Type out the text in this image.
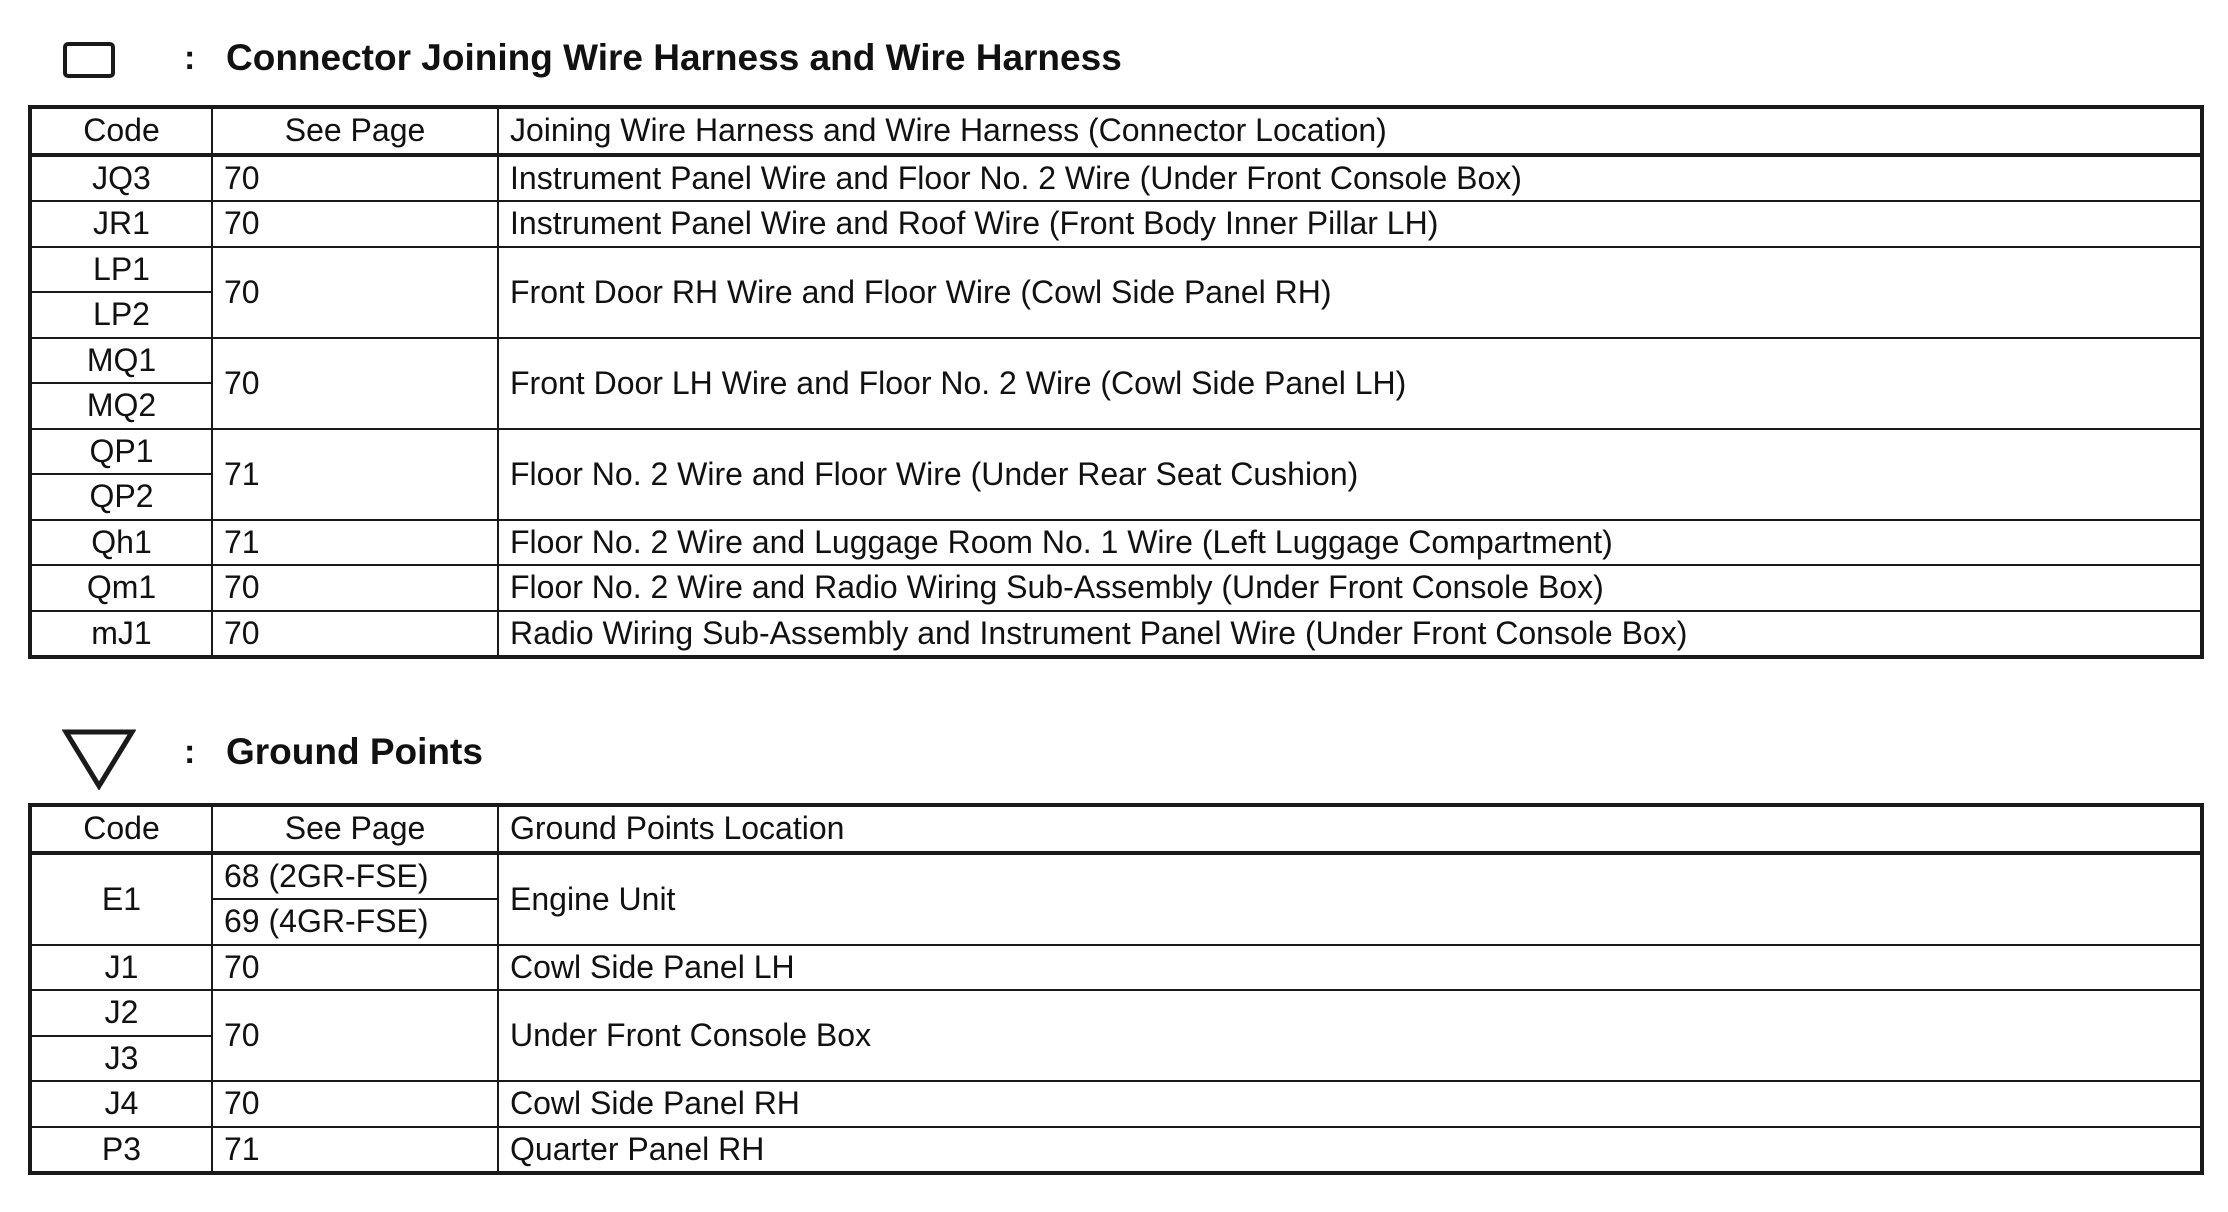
: Connector Joining Wire Harness and Wire Harness
Code	See Page	Joining Wire Harness and Wire Harness (Connector Location)
JQ3	70	Instrument Panel Wire and Floor No. 2 Wire (Under Front Console Box)
JR1	70	Instrument Panel Wire and Roof Wire (Front Body Inner Pillar LH)
LP1	70	Front Door RH Wire and Floor Wire (Cowl Side Panel RH)
LP2		
MQ1	70	Front Door LH Wire and Floor No. 2 Wire (Cowl Side Panel LH)
MQ2		
QP1	71	Floor No. 2 Wire and Floor Wire (Under Rear Seat Cushion)
QP2		
Qh1	71	Floor No. 2 Wire and Luggage Room No. 1 Wire (Left Luggage Compartment)
Qm1	70	Floor No. 2 Wire and Radio Wiring Sub-Assembly (Under Front Console Box)
mJ1	70	Radio Wiring Sub-Assembly and Instrument Panel Wire (Under Front Console Box)
: Ground Points
Code	See Page	Ground Points Location
E1	68 (2GR-FSE)	Engine Unit
	69 (4GR-FSE)	
J1	70	Cowl Side Panel LH
J2	70	Under Front Console Box
J3		
J4	70	Cowl Side Panel RH
P3	71	Quarter Panel RH
